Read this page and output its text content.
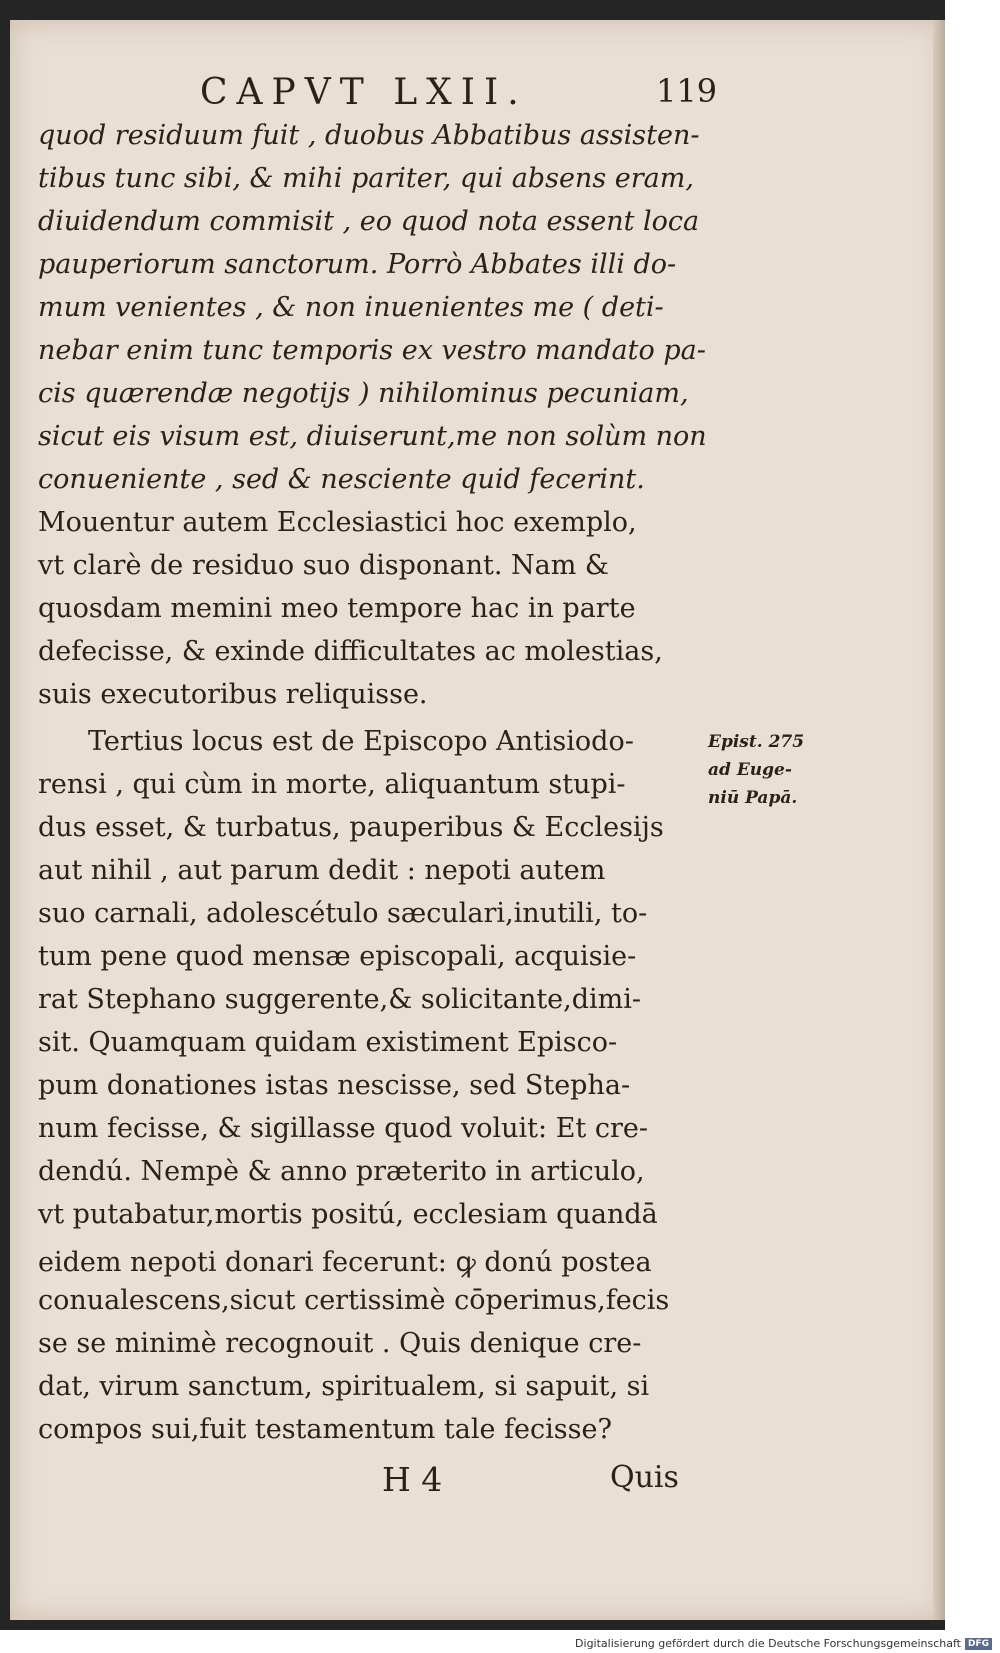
CAPVT LXII.	119
quod residuum fuit , duobus Abbatibus assisten-
tibus tunc sibi, & mihi pariter, qui absens eram,
diuidendum commisit , eo quod nota essent loca
pauperiorum sanctorum. Porrò Abbates illi do-
mum venientes , & non inuenientes me ( deti-
nebar enim tunc temporis ex vestro mandato pa-
cis quærendæ negotijs ) nihilominus pecuniam,
sicut eis visum est, diuiserunt,me non solùm non
conueniente , sed & nesciente quid fecerint.
Mouentur autem Ecclesiastici hoc exemplo,
vt clarè de residuo suo disponant. Nam &
quosdam memini meo tempore hac in parte
defecisse, & exinde difficultates ac molestias,
suis executoribus reliquisse.
Tertius locus est de Episcopo Antisiodo-
rensi , qui cùm in morte, aliquantum stupi-
dus esset, & turbatus, pauperibus & Ecclesijs
aut nihil , aut parum dedit : nepoti autem
suo carnali, adolescétulo sæculari,inutili, to-
tum pene quod mensæ episcopali, acquisie-
rat Stephano suggerente,& solicitante,dimi-
sit. Quamquam quidam existiment Episco-
pum donationes istas nescisse, sed Stepha-
num fecisse, & sigillasse quod voluit: Et cre-
dendú. Nempè & anno præterito in articulo,
vt putabatur,mortis positú, ecclesiam quandā
eidem nepoti donari fecerunt: ꝙ donú postea
conualescens,sicut certissimè cōperimus,fecis
se se minimè recognouit . Quis denique cre-
dat, virum sanctum, spiritualem, si sapuit, si
compos sui,fuit testamentum tale fecisse?
Epist. 275
ad Euge-
niū Papā.
H 4	Quis
Digitalisierung gefördert durch die Deutsche Forschungsgemeinschaft DFG
